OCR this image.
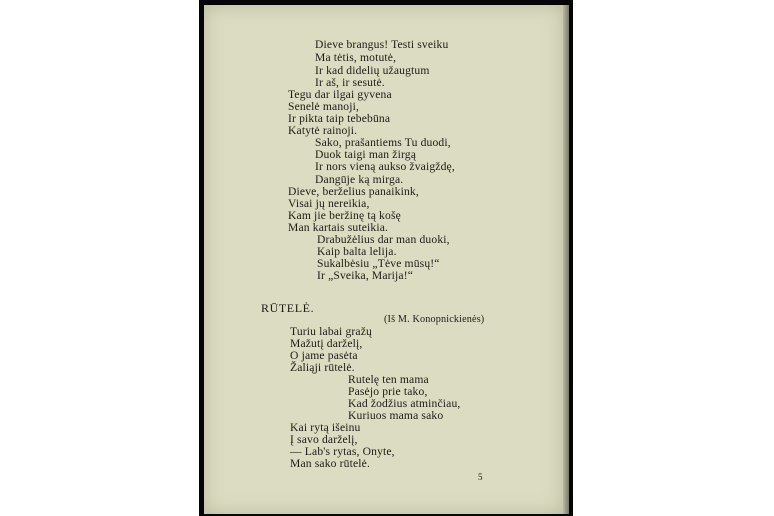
Dieve brangus! Testi sveiku
Ma tėtis, motutė,
Ir kad didelių užaugtum
Ir aš, ir sesutė.
Tegu dar ilgai gyvena
Senelė manoji,
Ir pikta taip tebebūna
Katytė rainoji.
Sako, prašantiems Tu duodi,
Duok taigi man žirgą
Ir nors vieną aukso žvaigždę,
Dangūje ką mirga.
Dieve, berželius panaikink,
Visai jų nereikia,
Kam jie beržinę tą košę
Man kartais suteikia.
Drabužėlius dar man duoki,
Kaip balta lelija.
Sukalbėsiu „Tėve mūsų!“
Ir „Sveika, Marija!“
RŪTELĖ.
(Iš M. Konopnickienės)
Turiu labai gražų
Mažutį darželį,
O jame pasėta
Žaliąji rūtelė.
Rutelę ten mama
Pasėjo prie tako,
Kad žodžius atminčiau,
Kuriuos mama sako
Kai rytą išeinu
Į savo darželį,
— Lab's rytas, Onyte,
Man sako rūtelė.
5
